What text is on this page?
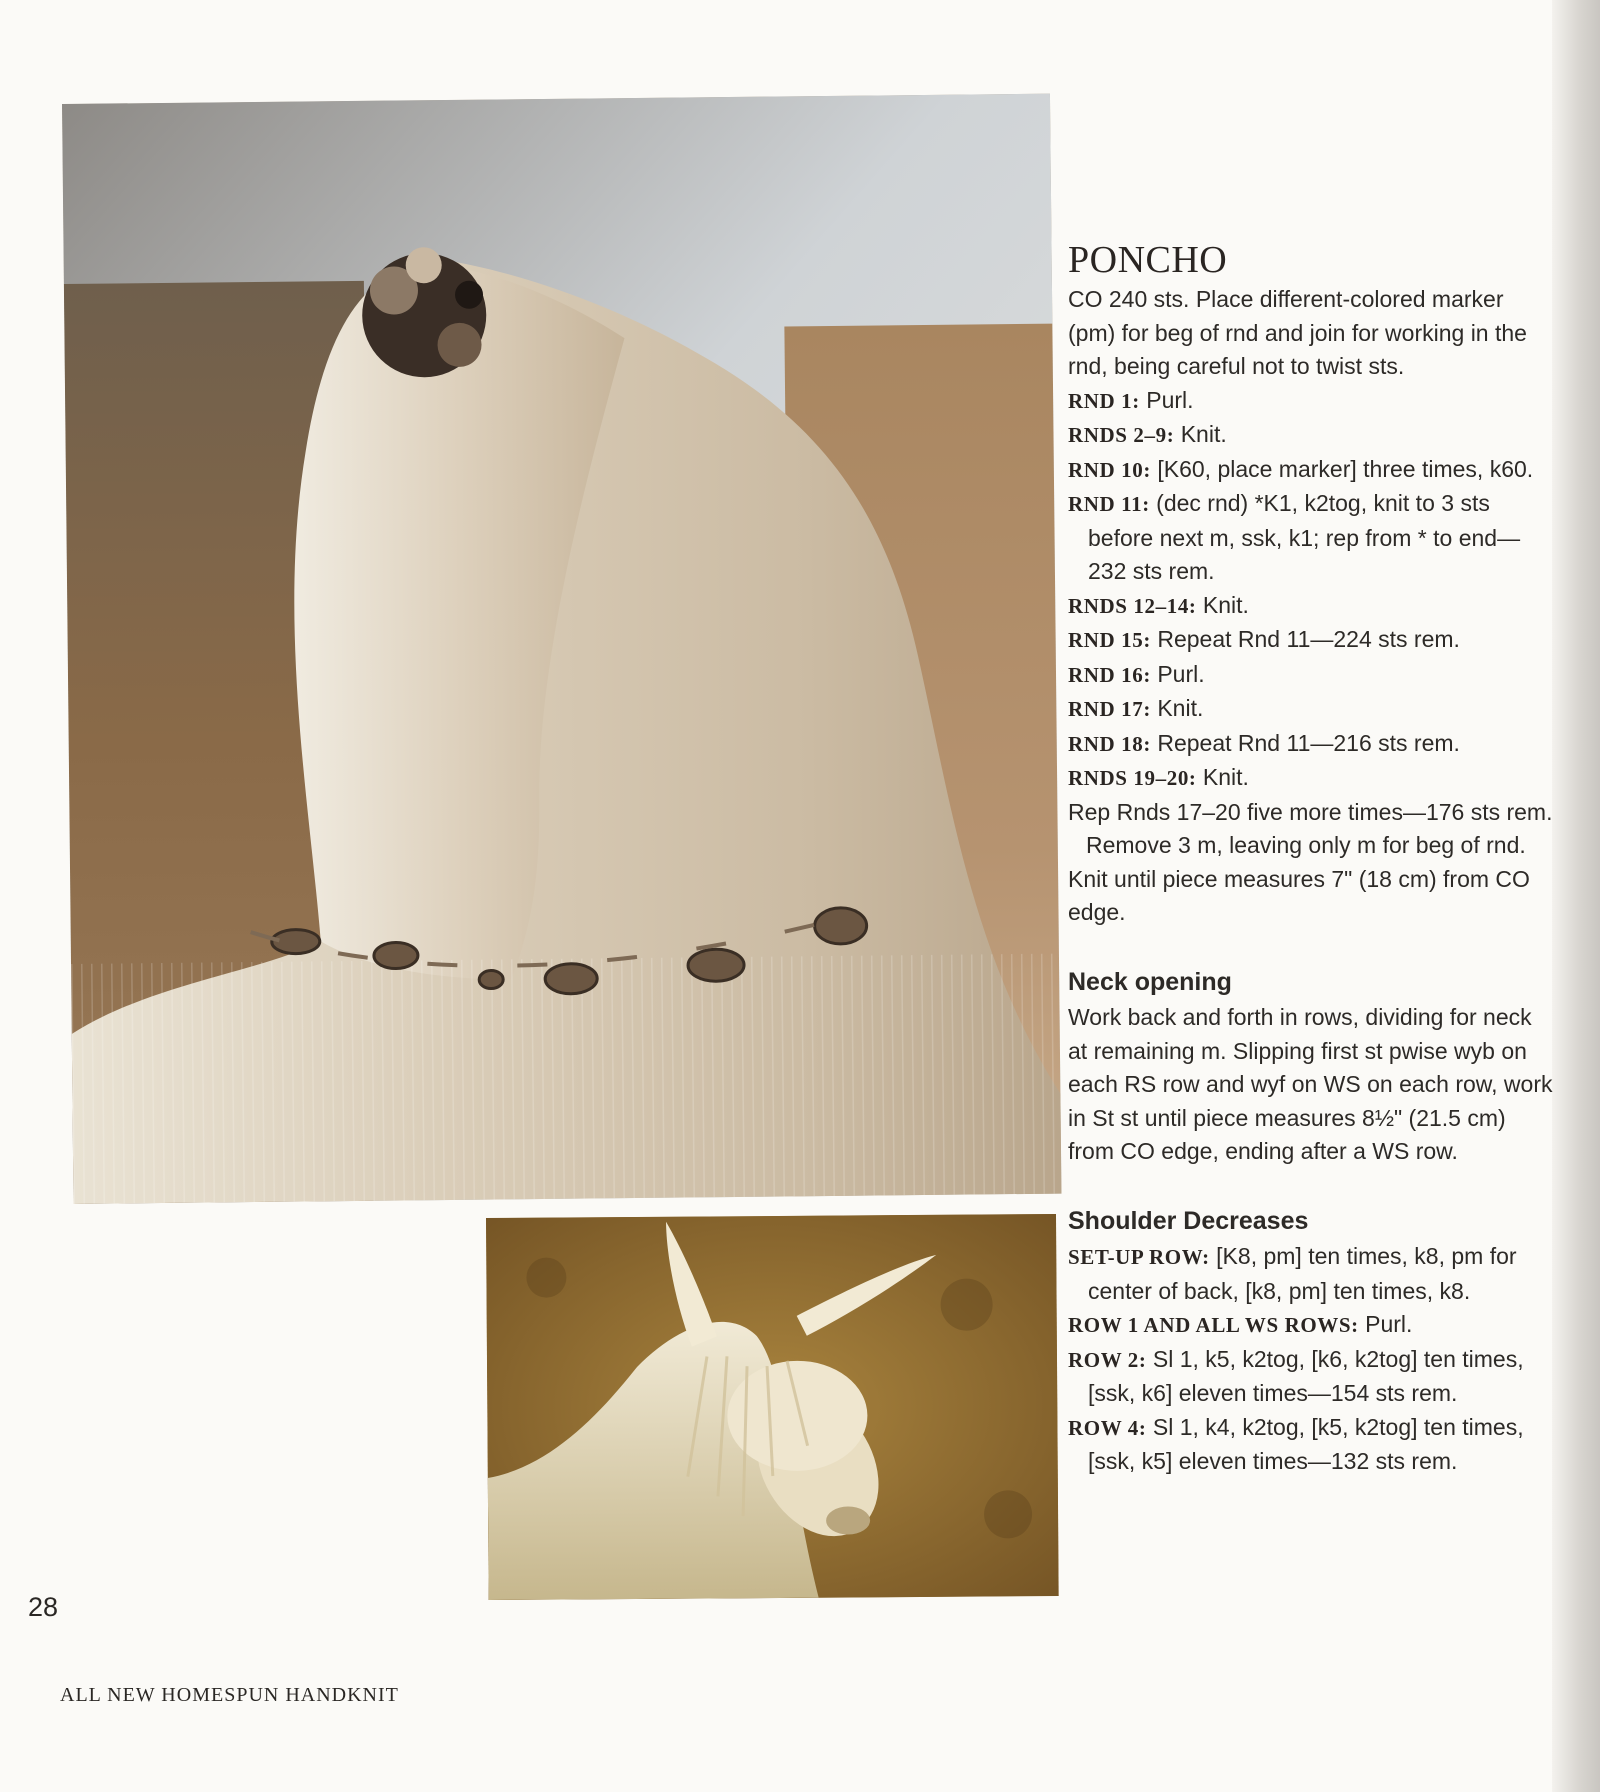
PONCHO

CO 240 sts. Place different-colored marker (pm) for beg of rnd and join for working in the rnd, being careful not to twist sts.

RND 1: Purl.

RNDS 2–9: Knit.

RND 10: [K60, place marker] three times, k60.

RND 11: (dec rnd) *K1, k2tog, knit to 3 sts before next m, ssk, k1; rep from * to end—232 sts rem.

RNDS 12–14: Knit.

RND 15: Repeat Rnd 11—224 sts rem.

RND 16: Purl.

RND 17: Knit.

RND 18: Repeat Rnd 11—216 sts rem.

RNDS 19–20: Knit.

Rep Rnds 17–20 five more times—176 sts rem.

Remove 3 m, leaving only m for beg of rnd. Knit until piece measures 7" (18 cm) from CO edge.

Neck opening

Work back and forth in rows, dividing for neck at remaining m. Slipping first st pwise wyb on each RS row and wyf on WS on each row, work in St st until piece measures 8½" (21.5 cm) from CO edge, ending after a WS row.

Shoulder Decreases

SET-UP ROW: [K8, pm] ten times, k8, pm for center of back, [k8, pm] ten times, k8.

ROW 1 AND ALL WS ROWS: Purl.

ROW 2: Sl 1, k5, k2tog, [k6, k2tog] ten times, [ssk, k6] eleven times—154 sts rem.

ROW 4: Sl 1, k4, k2tog, [k5, k2tog] ten times, [ssk, k5] eleven times—132 sts rem.

28
ALL NEW HOMESPUN HANDKNIT
